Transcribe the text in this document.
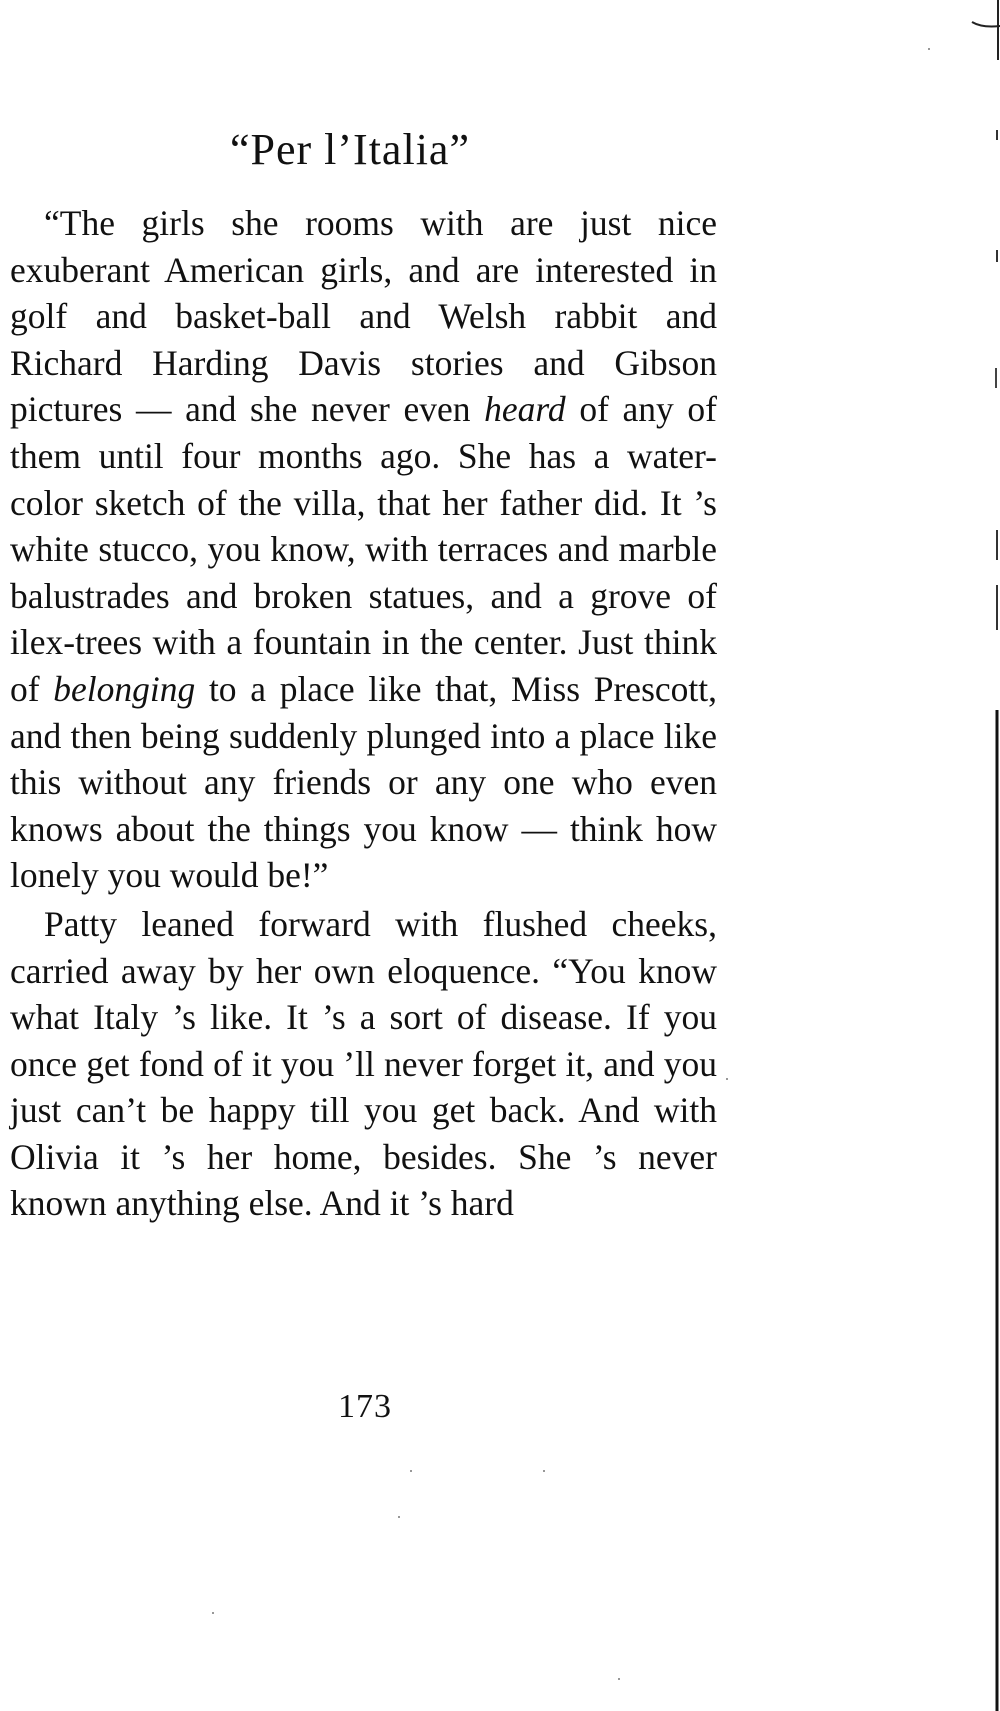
“Per l’Italia”

“The girls she rooms with are just nice exuberant American girls, and are interested in golf and basket-ball and Welsh rabbit and Richard Harding Davis stories and Gibson pictures — and she never even heard of any of them until four months ago. She has a water-color sketch of the villa, that her father did. It ’s white stucco, you know, with terraces and marble balustrades and broken statues, and a grove of ilex-trees with a fountain in the center. Just think of belonging to a place like that, Miss Prescott, and then being suddenly plunged into a place like this without any friends or any one who even knows about the things you know — think how lonely you would be!”

Patty leaned forward with flushed cheeks, carried away by her own eloquence. “You know what Italy ’s like. It ’s a sort of disease. If you once get fond of it you ’ll never forget it, and you just can’t be happy till you get back. And with Olivia it ’s her home, besides. She ’s never known anything else. And it ’s hard

173
